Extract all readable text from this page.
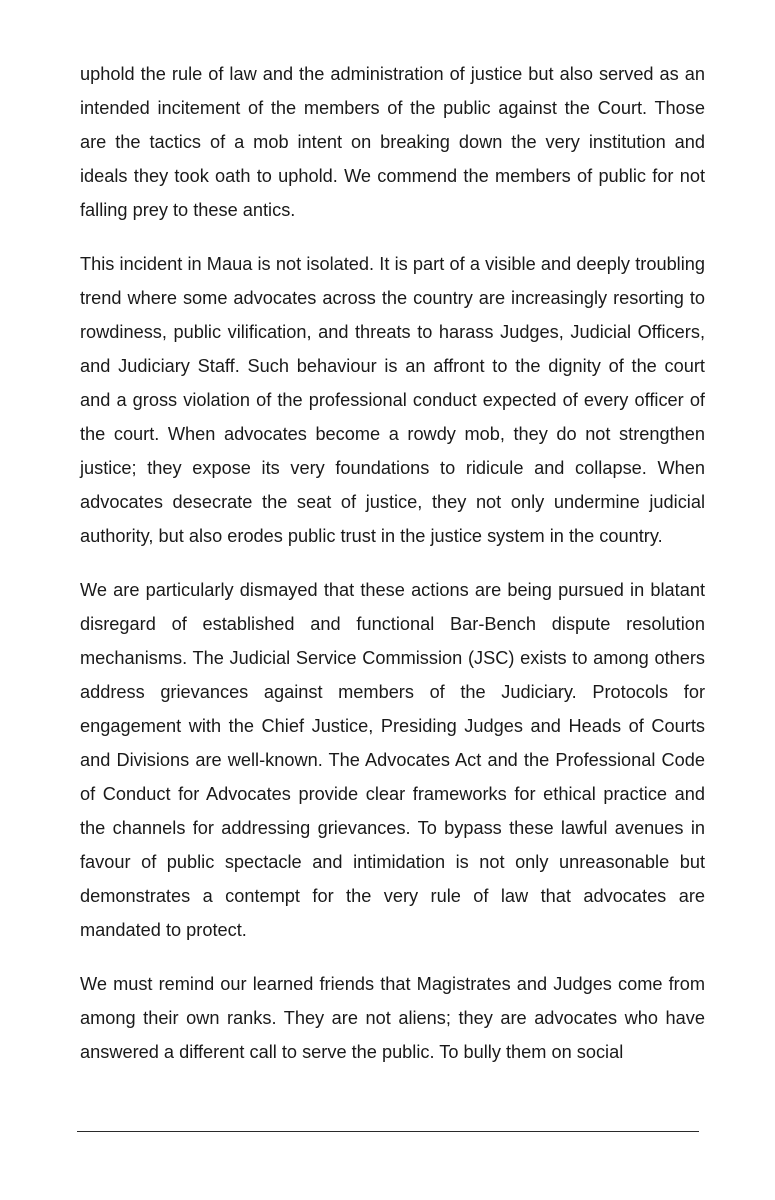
uphold the rule of law and the administration of justice but also served as an intended incitement of the members of the public against the Court. Those are the tactics of a mob intent on breaking down the very institution and ideals they took oath to uphold. We commend the members of public for not falling prey to these antics.

This incident in Maua is not isolated. It is part of a visible and deeply troubling trend where some advocates across the country are increasingly resorting to rowdiness, public vilification, and threats to harass Judges, Judicial Officers, and Judiciary Staff. Such behaviour is an affront to the dignity of the court and a gross violation of the professional conduct expected of every officer of the court. When advocates become a rowdy mob, they do not strengthen justice; they expose its very foundations to ridicule and collapse. When advocates desecrate the seat of justice, they not only undermine judicial authority, but also erodes public trust in the justice system in the country.

We are particularly dismayed that these actions are being pursued in blatant disregard of established and functional Bar-Bench dispute resolution mechanisms. The Judicial Service Commission (JSC) exists to among others address grievances against members of the Judiciary. Protocols for engagement with the Chief Justice, Presiding Judges and Heads of Courts and Divisions are well-known. The Advocates Act and the Professional Code of Conduct for Advocates provide clear frameworks for ethical practice and the channels for addressing grievances. To bypass these lawful avenues in favour of public spectacle and intimidation is not only unreasonable but demonstrates a contempt for the very rule of law that advocates are mandated to protect.

We must remind our learned friends that Magistrates and Judges come from among their own ranks. They are not aliens; they are advocates who have answered a different call to serve the public. To bully them on social
